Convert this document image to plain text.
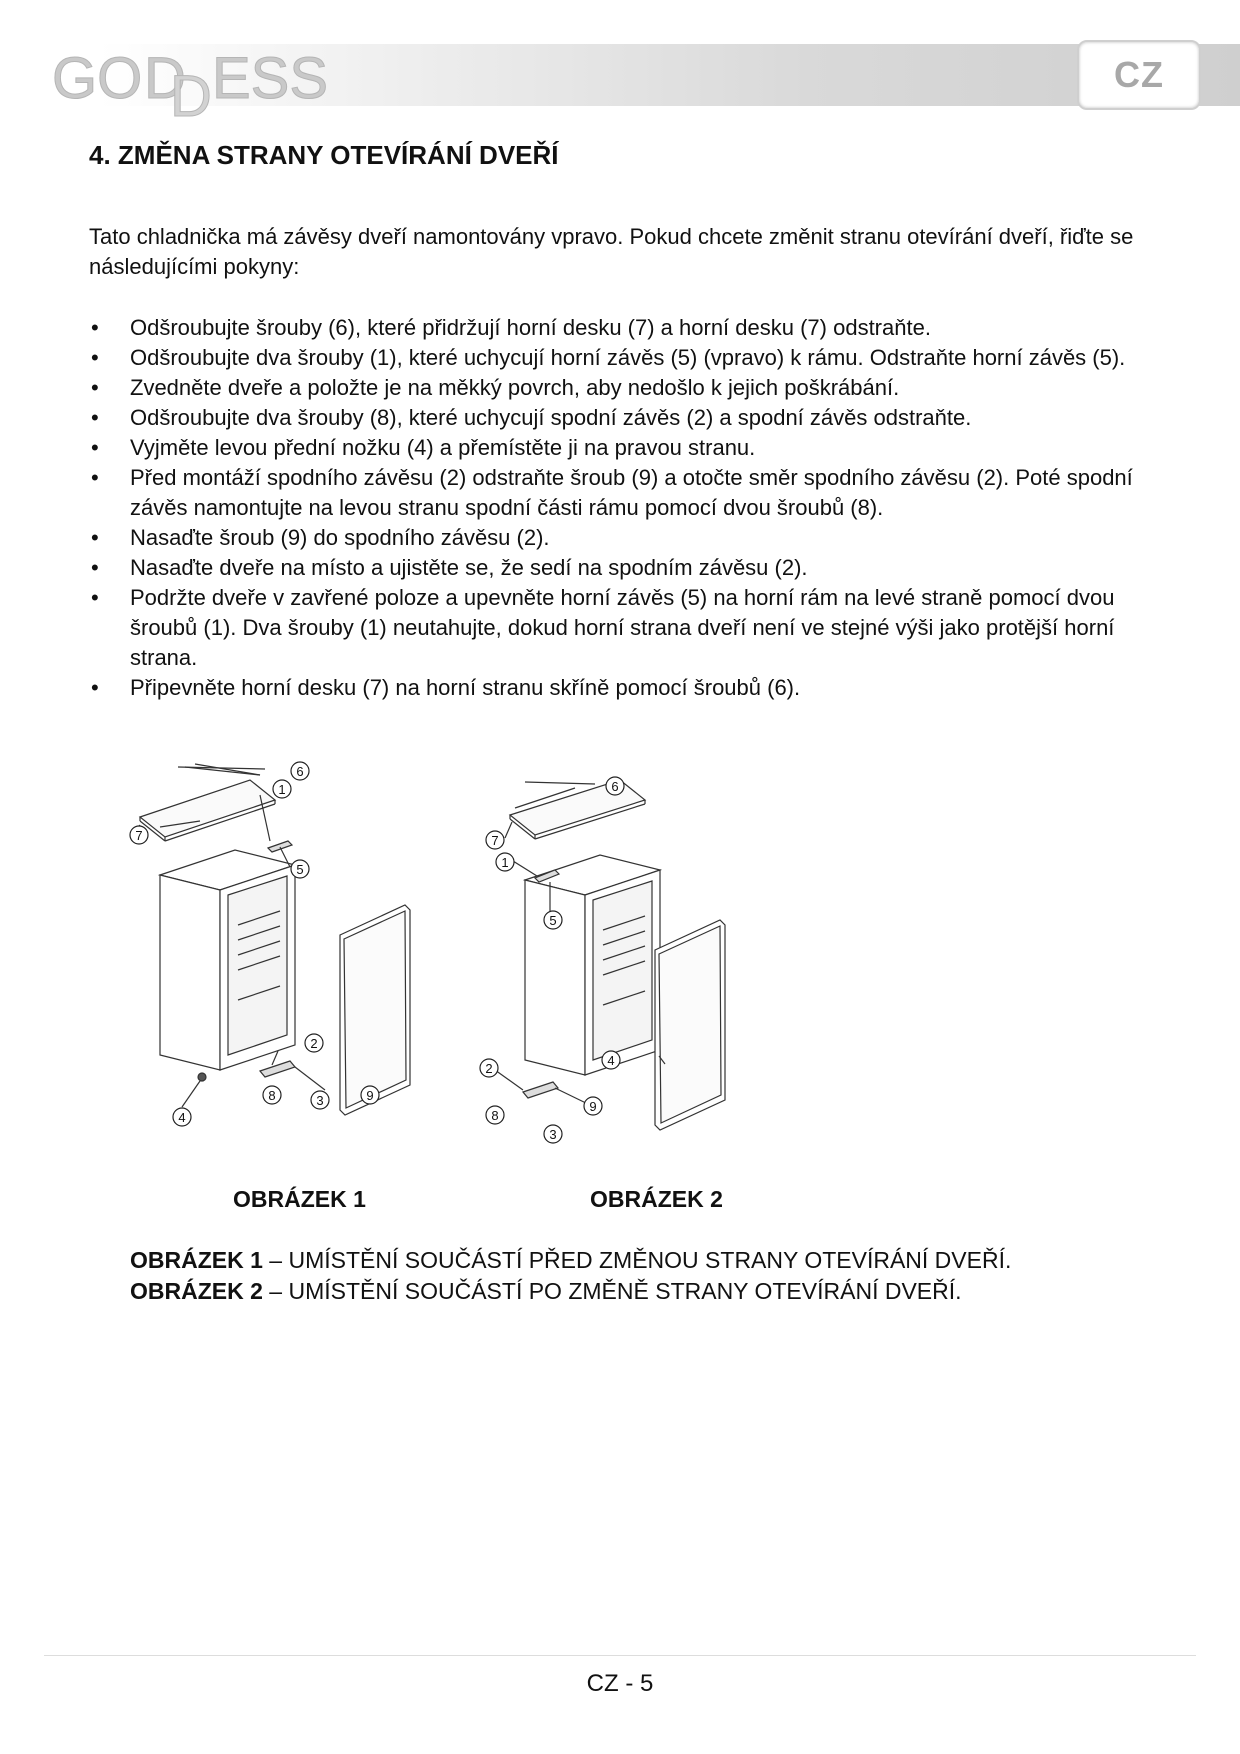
GO D
D ESS	CZ
4. ZMĚNA STRANY OTEVÍRÁNÍ DVEŘÍ

Tato chladnička má závěsy dveří namontovány vpravo. Pokud chcete změnit stranu otevírání dveří, řiďte se následujícími pokyny:

• Odšroubujte šrouby (6), které přidržují horní desku (7) a horní desku (7) odstraňte.
• Odšroubujte dva šrouby (1), které uchycují horní závěs (5) (vpravo) k rámu. Odstraňte horní závěs (5).
• Zvedněte dveře a položte je na měkký povrch, aby nedošlo k jejich poškrábání.
• Odšroubujte dva šrouby (8), které uchycují spodní závěs (2) a spodní závěs odstraňte.
• Vyjměte levou přední nožku (4) a přemístěte ji na pravou stranu.
• Před montáží spodního závěsu (2) odstraňte šroub (9) a otočte směr spodního závěsu (2). Poté spodní závěs namontujte na levou stranu spodní části rámu pomocí dvou šroubů (8).
• Nasaďte šroub (9) do spodního závěsu (2).
• Nasaďte dveře na místo a ujistěte se, že sedí na spodním závěsu (2).
• Podržte dveře v zavřené poloze a upevněte horní závěs (5) na horní rám na levé straně pomocí dvou šroubů (1). Dva šrouby (1) neutahujte, dokud horní strana dveří není ve stejné výši jako protější horní strana.
• Připevněte horní desku (7) na horní stranu skříně pomocí šroubů (6).
6
7
1
5
2
8	3	9
4
6
7
1
5
2
8
3
9
4

OBRÁZEK 1	OBRÁZEK 2

OBRÁZEK 1 – UMÍSTĚNÍ SOUČÁSTÍ PŘED ZMĚNOU STRANY OTEVÍRÁNÍ DVEŘÍ.

OBRÁZEK 2 – UMÍSTĚNÍ SOUČÁSTÍ PO ZMĚNĚ STRANY OTEVÍRÁNÍ DVEŘÍ.

CZ - 5
